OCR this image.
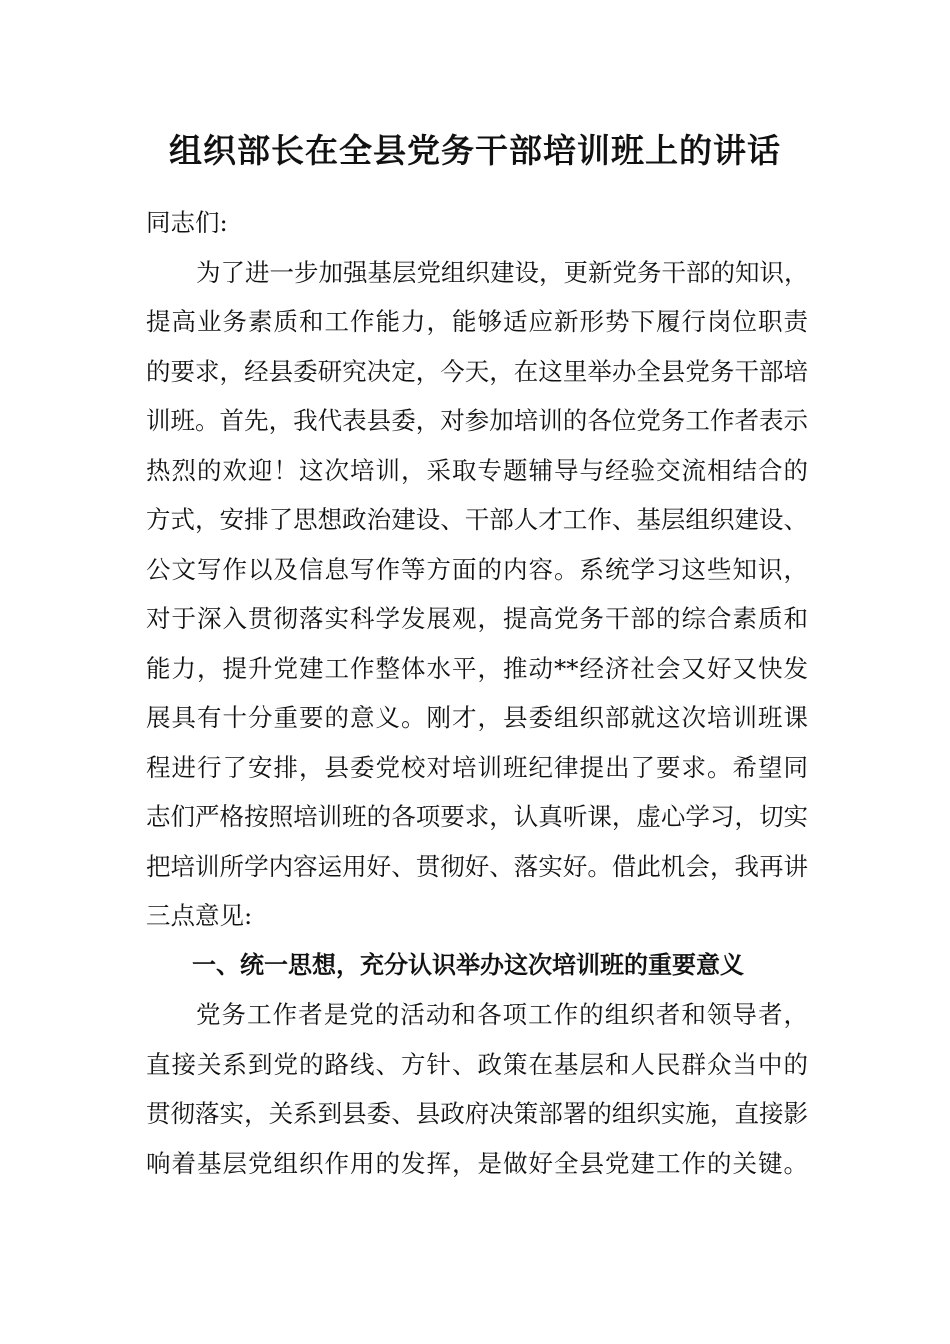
组织部长在全县党务干部培训班上的讲话
同志们:
为了进一步加强基层党组织建设，更新党务干部的知识，
提高业务素质和工作能力，能够适应新形势下履行岗位职责
的要求，经县委研究决定，今天，在这里举办全县党务干部培
训班。首先，我代表县委，对参加培训的各位党务工作者表示
热烈的欢迎！这次培训，采取专题辅导与经验交流相结合的
方式，安排了思想政治建设、干部人才工作、基层组织建设、
公文写作以及信息写作等方面的内容。系统学习这些知识，
对于深入贯彻落实科学发展观，提高党务干部的综合素质和
能力，提升党建工作整体水平，推动**经济社会又好又快发
展具有十分重要的意义。刚才，县委组织部就这次培训班课
程进行了安排，县委党校对培训班纪律提出了要求。希望同
志们严格按照培训班的各项要求，认真听课，虚心学习，切实
把培训所学内容运用好、贯彻好、落实好。借此机会，我再讲
三点意见:
一、统一思想，充分认识举办这次培训班的重要意义
党务工作者是党的活动和各项工作的组织者和领导者，
直接关系到党的路线、方针、政策在基层和人民群众当中的
贯彻落实，关系到县委、县政府决策部署的组织实施，直接影
响着基层党组织作用的发挥，是做好全县党建工作的关键。
